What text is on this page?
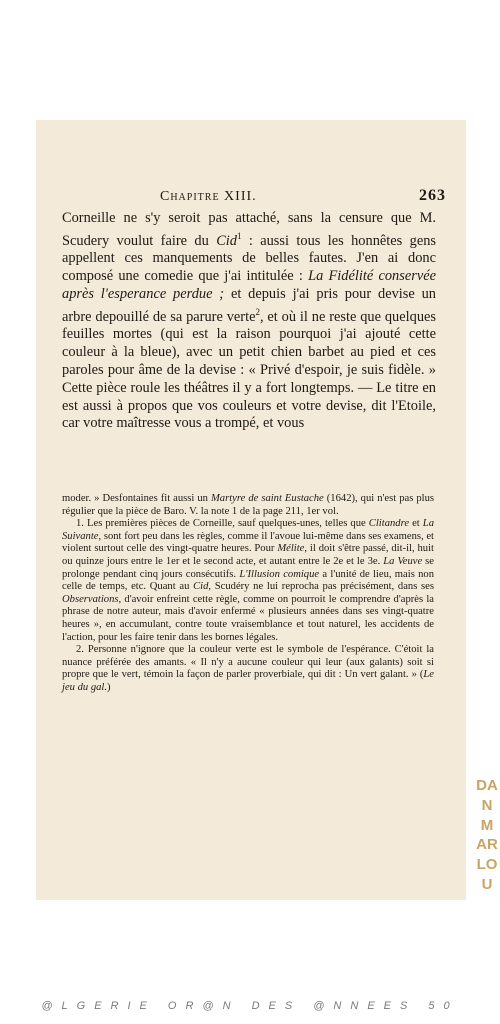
Chapitre XIII.	263

Corneille ne s'y seroit pas attaché, sans la censure que M. Scudery voulut faire du Cid$^1$ : aussi tous les honnêtes gens appellent ces manquements de belles fautes. J'en ai donc composé une comedie que j'ai intitulée : La Fidélité conservée après l'esperance perdue ; et depuis j'ai pris pour devise un arbre depouillé de sa parure verte$^2$, et où il ne reste que quelques feuilles mortes (qui est la raison pourquoi j'ai ajouté cette couleur à la bleue), avec un petit chien barbet au pied et ces paroles pour âme de la devise : « Privé d'espoir, je suis fidèle. » Cette pièce roule les théâtres il y a fort longtemps. — Le titre en est aussi à propos que vos couleurs et votre devise, dit l'Etoile, car votre maîtresse vous a trompé, et vous

moder. » Desfontaines fit aussi un Martyre de saint Eustache (1642), qui n'est pas plus régulier que la pièce de Baro. V. la note 1 de la page 211, 1er vol.

1. Les premières pièces de Corneille, sauf quelques-unes, telles que Clitandre et La Suivante, sont fort peu dans les règles, comme il l'avoue lui-même dans ses examens, et violent surtout celle des vingt-quatre heures. Pour Mélite, il doit s'être passé, dit-il, huit ou quinze jours entre le 1er et le second acte, et autant entre le 2e et le 3e. La Veuve se prolonge pendant cinq jours consécutifs. L'Illusion comique a l'unité de lieu, mais non celle de temps, etc. Quant au Cid, Scudéry ne lui reprocha pas précisément, dans ses Observations, d'avoir enfreint cette règle, comme on pourroit le comprendre d'après la phrase de notre auteur, mais d'avoir enfermé « plusieurs années dans ses vingt-quatre heures », en accumulant, contre toute vraisemblance et tout naturel, les accidents de l'action, pour les faire tenir dans les bornes légales.

2. Personne n'ignore que la couleur verte est le symbole de l'espérance. C'étoit la nuance préférée des amants. « Il n'y a aucune couleur qui leur (aux galants) soit si propre que le vert, témoin la façon de parler proverbiale, qui dit : Un vert galant. » (Le jeu du gal.)

DANMARLOU
@LGERIE OR@N DES @NNEES 50
